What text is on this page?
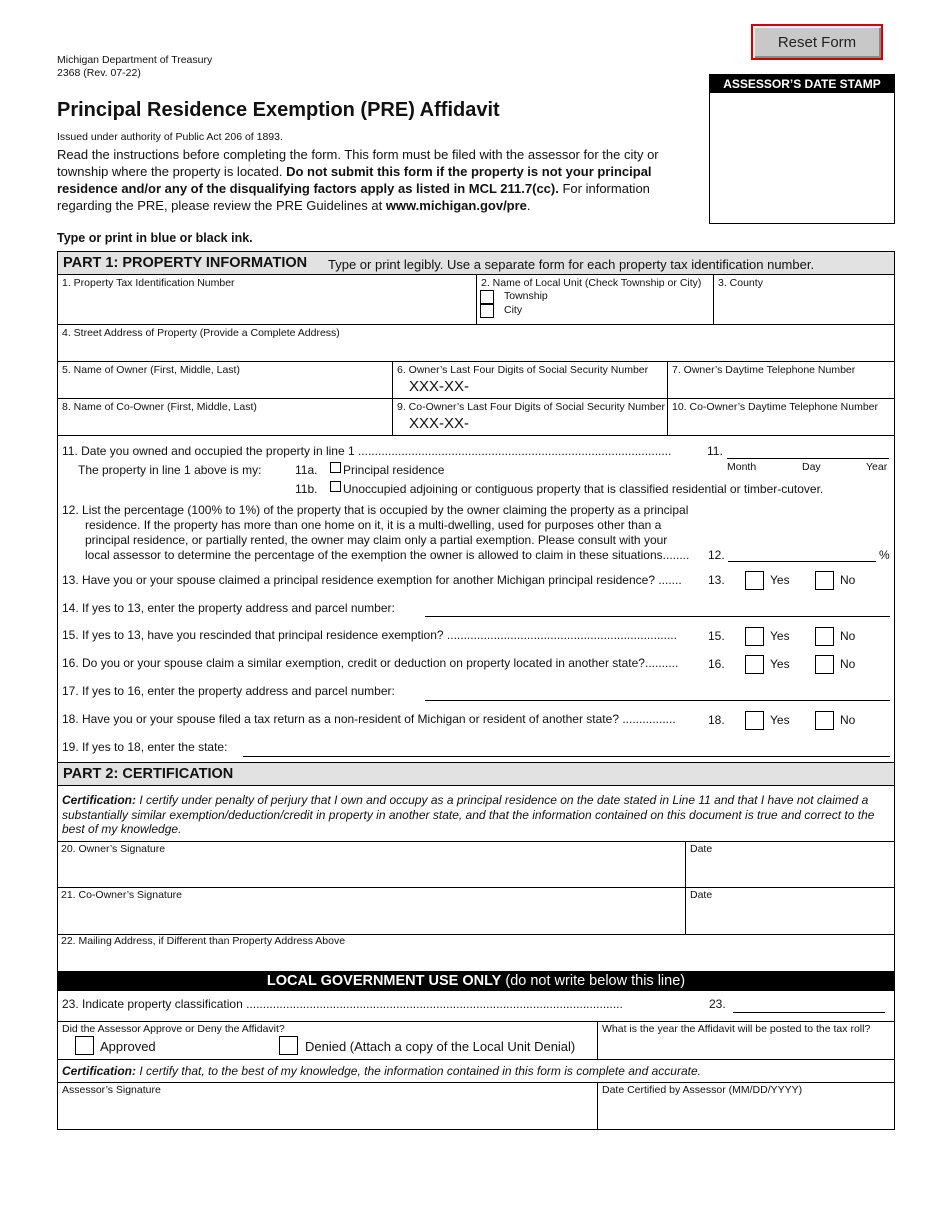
Michigan Department of Treasury
2368 (Rev. 07-22)
Reset Form
ASSESSOR’S DATE STAMP
Principal Residence Exemption (PRE) Affidavit
Issued under authority of Public Act 206 of 1893.
Read the instructions before completing the form. This form must be filed with the assessor for the city or township where the property is located. Do not submit this form if the property is not your principal residence and/or any of the disqualifying factors apply as listed in MCL 211.7(cc). For information regarding the PRE, please review the PRE Guidelines at www.michigan.gov/pre.
Type or print in blue or black ink.
PART 1: PROPERTY INFORMATION Type or print legibly. Use a separate form for each property tax identification number.
1. Property Tax Identification Number	2. Name of Local Unit (Check Township or City)
Township
City
3. County
4. Street Address of Property (Provide a Complete Address)
5. Name of Owner (First, Middle, Last)	6. Owner’s Last Four Digits of Social Security Number
XXX-XX-
7. Owner’s Daytime Telephone Number
8. Name of Co-Owner (First, Middle, Last)	9. Co-Owner’s Last Four Digits of Social Security Number
XXX-XX-
10. Co-Owner’s Daytime Telephone Number
11. Date you owned and occupied the property in line 1 ..............................................................................................	11.
Month	Day	Year
The property in line 1 above is my:	11a. Principal residence
11b. Unoccupied adjoining or contiguous property that is classified residential or timber-cutover.
12. List the percentage (100% to 1%) of the property that is occupied by the owner claiming the property as a principal
residence. If the property has more than one home on it, it is a multi-dwelling, used for purposes other than a
principal residence, or partially rented, the owner may claim only a partial exemption. Please consult with your
local assessor to determine the percentage of the exemption the owner is allowed to claim in these situations........ 12.	%
13. Have you or your spouse claimed a principal residence exemption for another Michigan principal residence? ....... 13.	Yes	No
14. If yes to 13, enter the property address and parcel number:
15. If yes to 13, have you rescinded that principal residence exemption? .....................................................................	15.	Yes	No
16. Do you or your spouse claim a similar exemption, credit or deduction on property located in another state?.......... 16.	Yes	No
17. If yes to 16, enter the property address and parcel number:
18. Have you or your spouse filed a tax return as a non-resident of Michigan or resident of another state? ................	18.	Yes	No
19. If yes to 18, enter the state:
PART 2: CERTIFICATION
Certification: I certify under penalty of perjury that I own and occupy as a principal residence on the date stated in Line 11 and that I have not claimed a substantially similar exemption/deduction/credit in property in another state, and that the information contained on this document is true and correct to the best of my knowledge.
20. Owner’s Signature	Date
21. Co-Owner’s Signature	Date
22. Mailing Address, if Different than Property Address Above
LOCAL GOVERNMENT USE ONLY (do not write below this line)
23. Indicate property classification .................................................................................................................	23.
Did the Assessor Approve or Deny the Affidavit?
Approved	Denied (Attach a copy of the Local Unit Denial)
What is the year the Affidavit will be posted to the tax roll?
Certification: I certify that, to the best of my knowledge, the information contained in this form is complete and accurate.
Assessor’s Signature	Date Certified by Assessor (MM/DD/YYYY)
